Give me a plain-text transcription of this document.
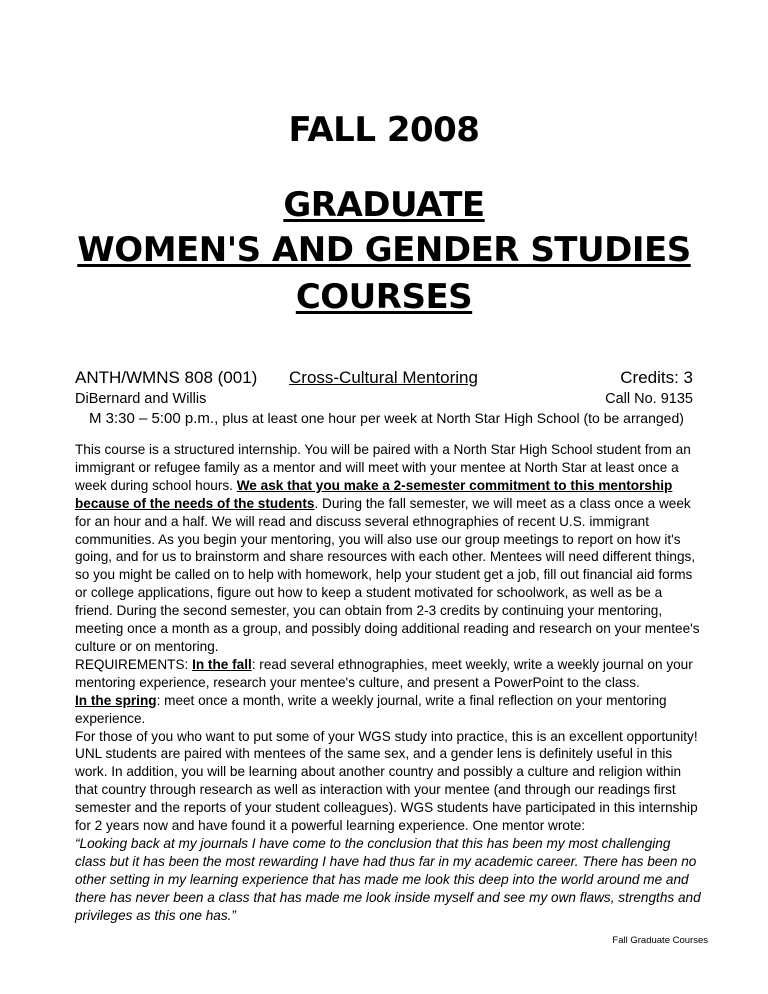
FALL 2008
GRADUATE
WOMEN'S AND GENDER STUDIES
COURSES
ANTH/WMNS 808 (001) Cross-Cultural Mentoring	Credits: 3
DiBernard and Willis	Call No. 9135
M 3:30 – 5:00 p.m., plus at least one hour per week at North Star High School (to be arranged)

This course is a structured internship. You will be paired with a North Star High School student from an immigrant or refugee family as a mentor and will meet with your mentee at North Star at least once a week during school hours. We ask that you make a 2-semester commitment to this mentorship because of the needs of the students. During the fall semester, we will meet as a class once a week for an hour and a half. We will read and discuss several ethnographies of recent U.S. immigrant communities. As you begin your mentoring, you will also use our group meetings to report on how it's going, and for us to brainstorm and share resources with each other. Mentees will need different things, so you might be called on to help with homework, help your student get a job, fill out financial aid forms or college applications, figure out how to keep a student motivated for schoolwork, as well as be a friend. During the second semester, you can obtain from 2-3 credits by continuing your mentoring, meeting once a month as a group, and possibly doing additional reading and research on your mentee's culture or on mentoring.

REQUIREMENTS: In the fall: read several ethnographies, meet weekly, write a weekly journal on your mentoring experience, research your mentee's culture, and present a PowerPoint to the class.

In the spring: meet once a month, write a weekly journal, write a final reflection on your mentoring experience.

For those of you who want to put some of your WGS study into practice, this is an excellent opportunity! UNL students are paired with mentees of the same sex, and a gender lens is definitely useful in this work. In addition, you will be learning about another country and possibly a culture and religion within that country through research as well as interaction with your mentee (and through our readings first semester and the reports of your student colleagues). WGS students have participated in this internship for 2 years now and have found it a powerful learning experience. One mentor wrote:

“Looking back at my journals I have come to the conclusion that this has been my most challenging class but it has been the most rewarding I have had thus far in my academic career. There has been no other setting in my learning experience that has made me look this deep into the world around me and there has never been a class that has made me look inside myself and see my own flaws, strengths and privileges as this one has.”

Fall Graduate Courses
